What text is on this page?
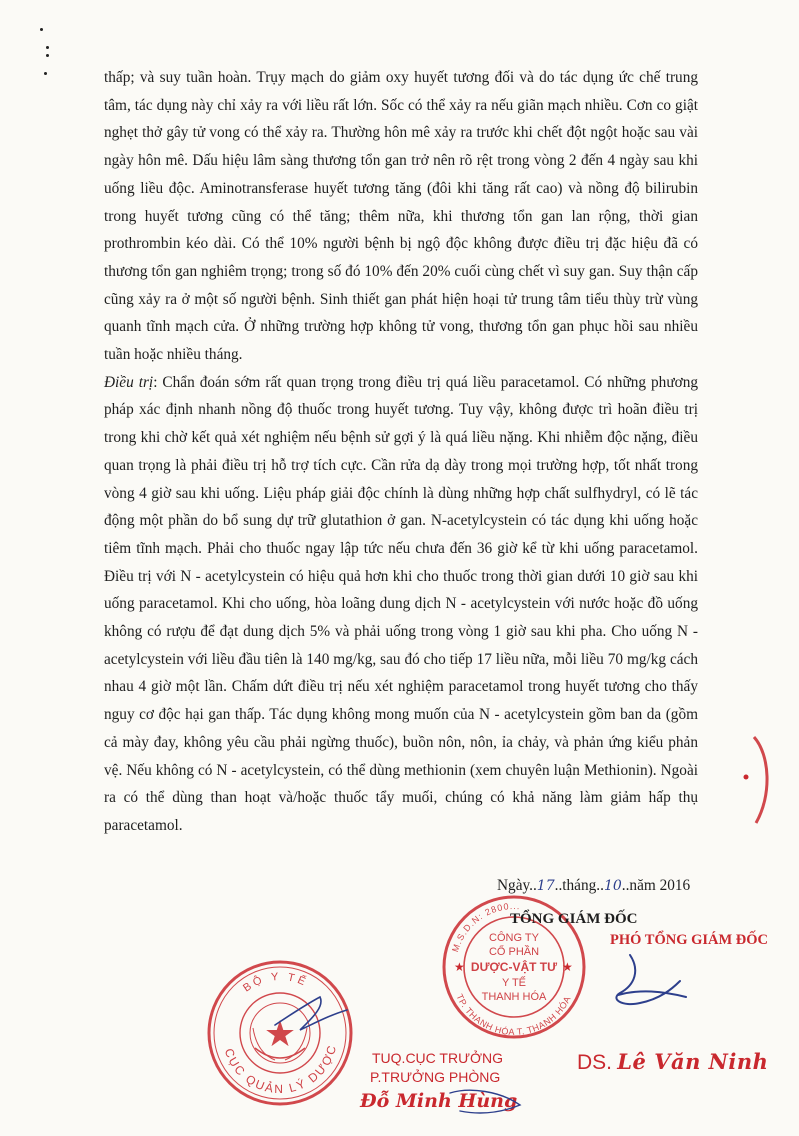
thấp; và suy tuần hoàn. Trụy mạch do giảm oxy huyết tương đối và do tác dụng ức chế trung tâm, tác dụng này chỉ xảy ra với liều rất lớn. Sốc có thể xảy ra nếu giãn mạch nhiều. Cơn co giật nghẹt thở gây tử vong có thể xảy ra. Thường hôn mê xảy ra trước khi chết đột ngột hoặc sau vài ngày hôn mê. Dấu hiệu lâm sàng thương tổn gan trở nên rõ rệt trong vòng 2 đến 4 ngày sau khi uống liều độc. Aminotransferase huyết tương tăng (đôi khi tăng rất cao) và nồng độ bilirubin trong huyết tương cũng có thể tăng; thêm nữa, khi thương tổn gan lan rộng, thời gian prothrombin kéo dài. Có thể 10% người bệnh bị ngộ độc không được điều trị đặc hiệu đã có thương tổn gan nghiêm trọng; trong số đó 10% đến 20% cuối cùng chết vì suy gan. Suy thận cấp cũng xảy ra ở một số người bệnh. Sinh thiết gan phát hiện hoại tử trung tâm tiểu thùy trừ vùng quanh tĩnh mạch cửa. Ở những trường hợp không tử vong, thương tổn gan phục hồi sau nhiều tuần hoặc nhiều tháng.

Điều trị: Chẩn đoán sớm rất quan trọng trong điều trị quá liều paracetamol. Có những phương pháp xác định nhanh nồng độ thuốc trong huyết tương. Tuy vậy, không được trì hoãn điều trị trong khi chờ kết quả xét nghiệm nếu bệnh sử gợi ý là quá liều nặng. Khi nhiễm độc nặng, điều quan trọng là phải điều trị hỗ trợ tích cực. Cần rửa dạ dày trong mọi trường hợp, tốt nhất trong vòng 4 giờ sau khi uống. Liệu pháp giải độc chính là dùng những hợp chất sulfhydryl, có lẽ tác động một phần do bổ sung dự trữ glutathion ở gan. N-acetylcystein có tác dụng khi uống hoặc tiêm tĩnh mạch. Phải cho thuốc ngay lập tức nếu chưa đến 36 giờ kể từ khi uống paracetamol. Điều trị với N - acetylcystein có hiệu quả hơn khi cho thuốc trong thời gian dưới 10 giờ sau khi uống paracetamol. Khi cho uống, hòa loãng dung dịch N - acetylcystein với nước hoặc đồ uống không có rượu để đạt dung dịch 5% và phải uống trong vòng 1 giờ sau khi pha. Cho uống N - acetylcystein với liều đầu tiên là 140 mg/kg, sau đó cho tiếp 17 liều nữa, mỗi liều 70 mg/kg cách nhau 4 giờ một lần. Chấm dứt điều trị nếu xét nghiệm paracetamol trong huyết tương cho thấy nguy cơ độc hại gan thấp. Tác dụng không mong muốn của N - acetylcystein gồm ban da (gồm cả mày đay, không yêu cầu phải ngừng thuốc), buồn nôn, nôn, ỉa chảy, và phản ứng kiểu phản vệ. Nếu không có N - acetylcystein, có thể dùng methionin (xem chuyên luận Methionin). Ngoài ra có thể dùng than hoạt và/hoặc thuốc tẩy muối, chúng có khả năng làm giảm hấp thụ paracetamol.

Ngày..17..tháng..10..năm 2016
M.S.D.N: 2800...
TP. THANH HÓA T. THANH HÓA
CÔNG TY
CỔ PHẦN
DƯỢC-VẬT TƯ
Y TẾ
THANH HÓA
★	★
TỔNG GIÁM ĐỐC
PHÓ TỔNG GIÁM ĐỐC
BỘ Y TẾ
CỤC QUẢN LÝ DƯỢC
★
TUQ.CỤC TRƯỞNG
P.TRƯỞNG PHÒNG
Đỗ Minh Hùng
DS. Lê Văn Ninh
